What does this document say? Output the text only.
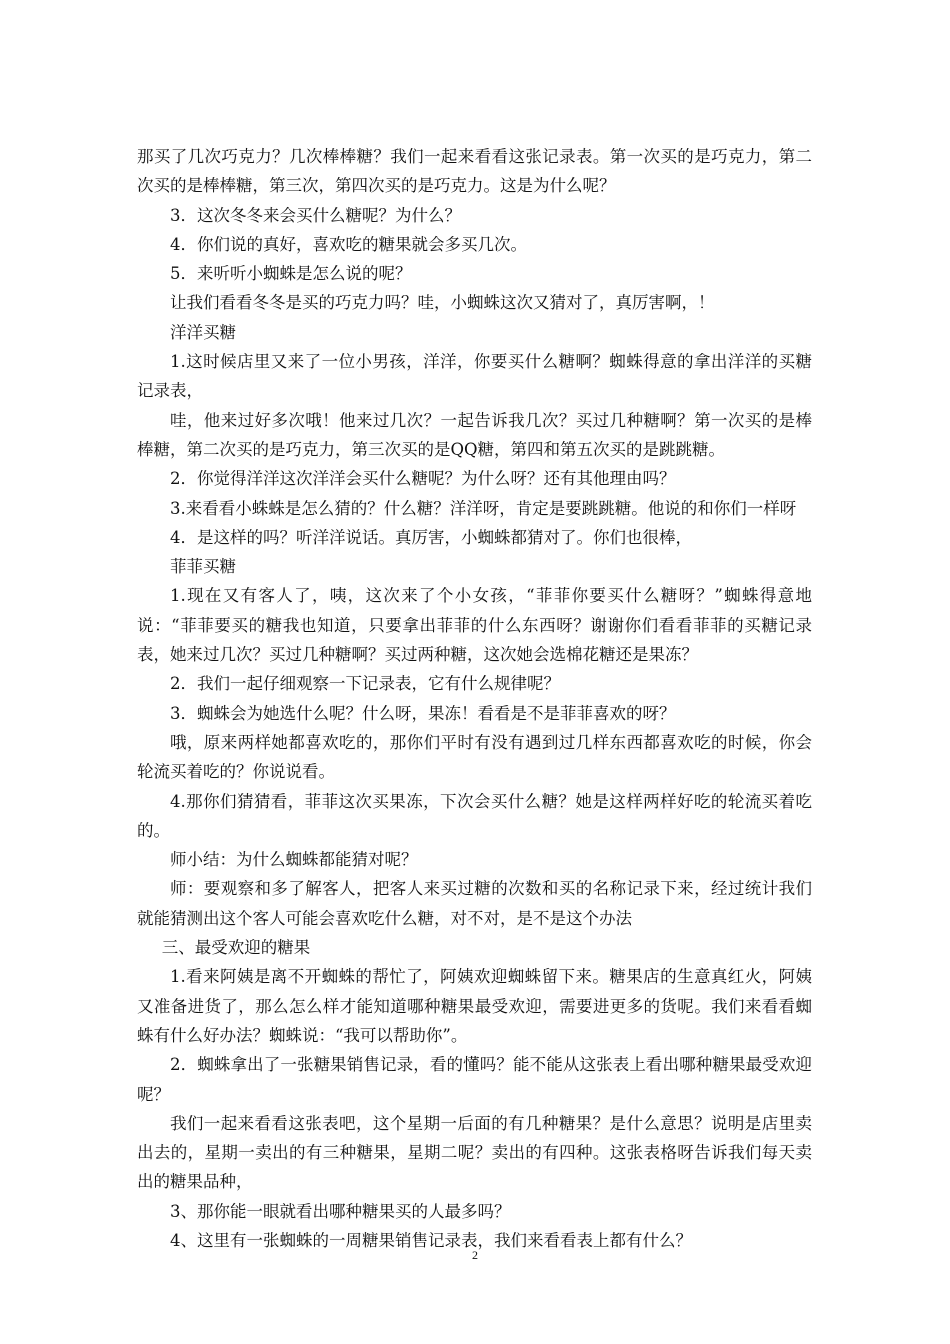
那买了几次巧克力？几次棒棒糖？我们一起来看看这张记录表。第一次买的是巧克力，第二次买的是棒棒糖，第三次，第四次买的是巧克力。这是为什么呢？

3．这次冬冬来会买什么糖呢？为什么？

4．你们说的真好，喜欢吃的糖果就会多买几次。

5．来听听小蜘蛛是怎么说的呢？

让我们看看冬冬是买的巧克力吗？哇，小蜘蛛这次又猜对了，真厉害啊，！

洋洋买糖

1.这时候店里又来了一位小男孩，洋洋，你要买什么糖啊？蜘蛛得意的拿出洋洋的买糖记录表，

哇，他来过好多次哦！他来过几次？一起告诉我几次？买过几种糖啊？第一次买的是棒棒糖，第二次买的是巧克力，第三次买的是QQ糖，第四和第五次买的是跳跳糖。

2．你觉得洋洋这次洋洋会买什么糖呢？为什么呀？还有其他理由吗？

3.来看看小蛛蛛是怎么猜的？什么糖？洋洋呀，肯定是要跳跳糖。他说的和你们一样呀

4．是这样的吗？听洋洋说话。真厉害，小蜘蛛都猜对了。你们也很棒，

菲菲买糖

1.现在又有客人了，咦，这次来了个小女孩，“菲菲你要买什么糖呀？”蜘蛛得意地说：“菲菲要买的糖我也知道，只要拿出菲菲的什么东西呀？谢谢你们看看菲菲的买糖记录表，她来过几次？买过几种糖啊？买过两种糖，这次她会选棉花糖还是果冻？

2．我们一起仔细观察一下记录表，它有什么规律呢？

3．蜘蛛会为她选什么呢？什么呀，果冻！看看是不是菲菲喜欢的呀？

哦，原来两样她都喜欢吃的，那你们平时有没有遇到过几样东西都喜欢吃的时候，你会轮流买着吃的？你说说看。

4.那你们猜猜看，菲菲这次买果冻，下次会买什么糖？她是这样两样好吃的轮流买着吃的。

师小结：为什么蜘蛛都能猜对呢？

师：要观察和多了解客人，把客人来买过糖的次数和买的名称记录下来，经过统计我们就能猜测出这个客人可能会喜欢吃什么糖，对不对，是不是这个办法

三、最受欢迎的糖果

1.看来阿姨是离不开蜘蛛的帮忙了，阿姨欢迎蜘蛛留下来。糖果店的生意真红火，阿姨又准备进货了，那么怎么样才能知道哪种糖果最受欢迎，需要进更多的货呢。我们来看看蜘蛛有什么好办法？蜘蛛说：“我可以帮助你”。

2．蜘蛛拿出了一张糖果销售记录，看的懂吗？能不能从这张表上看出哪种糖果最受欢迎呢？

我们一起来看看这张表吧，这个星期一后面的有几种糖果？是什么意思？说明是店里卖出去的，星期一卖出的有三种糖果，星期二呢？卖出的有四种。这张表格呀告诉我们每天卖出的糖果品种，

3、那你能一眼就看出哪种糖果买的人最多吗？

4、这里有一张蜘蛛的一周糖果销售记录表，我们来看看表上都有什么？

2
